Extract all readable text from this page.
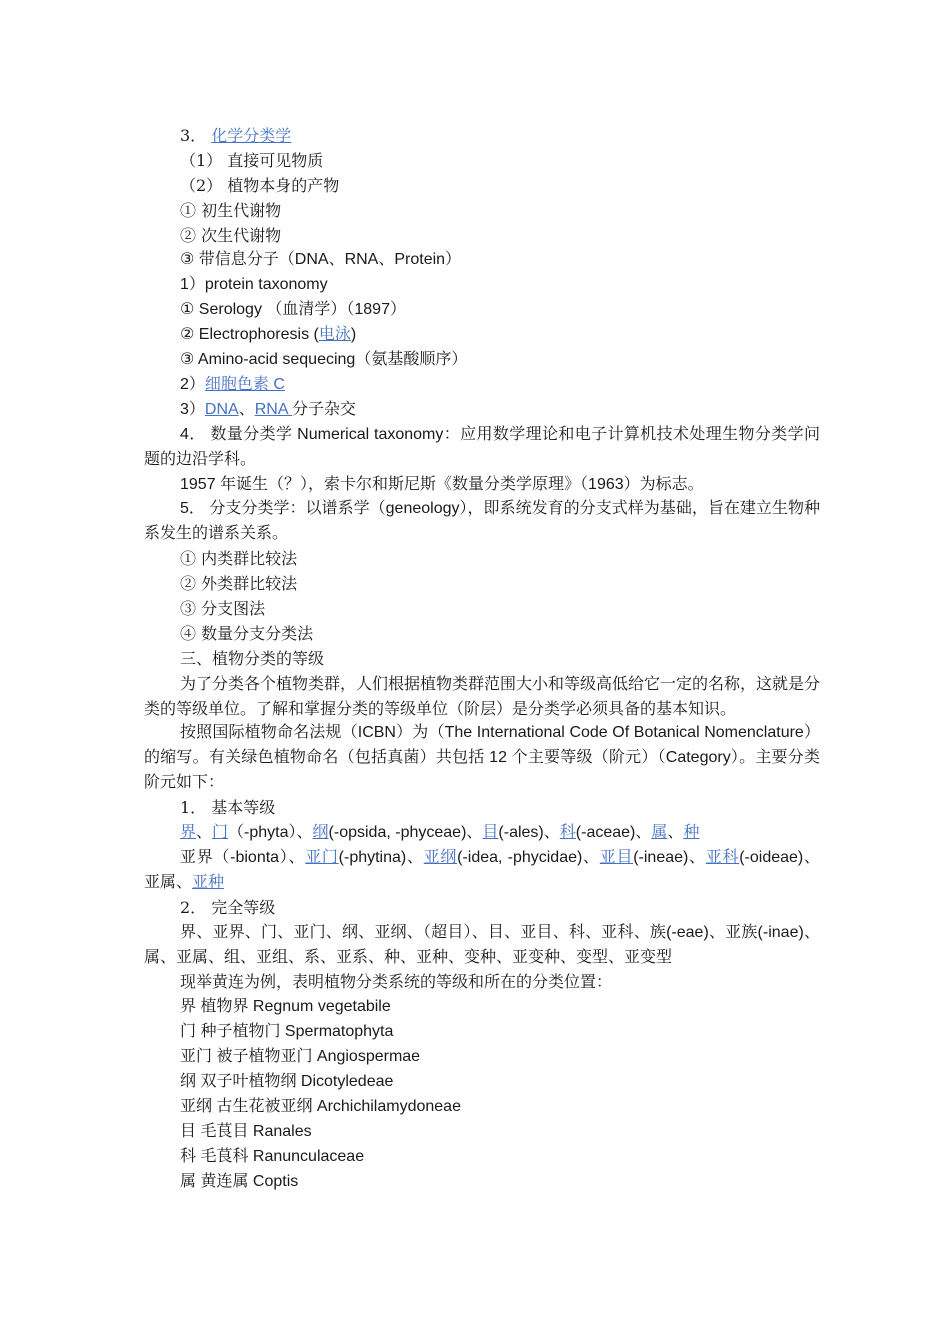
3． 化学分类学
（1） 直接可见物质
（2） 植物本身的产物
① 初生代谢物
② 次生代谢物
③ 带信息分子（DNA、RNA、Protein）
1）protein taxonomy
① Serology （血清学）（1897）
② Electrophoresis (电泳)
③ Amino-acid sequecing（氨基酸顺序）
2）细胞色素 C
3）DNA、RNA 分子杂交
4． 数量分类学 Numerical taxonomy：应用数学理论和电子计算机技术处理生物分类学问题的边沿学科。
1957 年诞生（？），索卡尔和斯尼斯《数量分类学原理》（1963）为标志。
5． 分支分类学：以谱系学（geneology），即系统发育的分支式样为基础，旨在建立生物种系发生的谱系关系。
① 内类群比较法
② 外类群比较法
③ 分支图法
④ 数量分支分类法
三、植物分类的等级
为了分类各个植物类群，人们根据植物类群范围大小和等级高低给它一定的名称，这就是分类的等级单位。了解和掌握分类的等级单位（阶层）是分类学必须具备的基本知识。
按照国际植物命名法规（ICBN）为（The International Code Of Botanical Nomenclature）的缩写。有关绿色植物命名（包括真菌）共包括 12 个主要等级（阶元）（Category）。主要分类阶元如下：
1． 基本等级
界、门（-phyta）、纲(-opsida, -phyceae)、目(-ales)、科(-aceae)、属、种
亚界（-bionta）、亚门(-phytina)、亚纲(-idea, -phycidae)、亚目(-ineae)、亚科(-oideae)、亚属、亚种
2． 完全等级
界、亚界、门、亚门、纲、亚纲、（超目）、目、亚目、科、亚科、族(-eae)、亚族(-inae)、属、亚属、组、亚组、系、亚系、种、亚种、变种、亚变种、变型、亚变型
现举黄连为例，表明植物分类系统的等级和所在的分类位置：
界 植物界 Regnum vegetabile
门 种子植物门 Spermatophyta
亚门 被子植物亚门 Angiospermae
纲 双子叶植物纲 Dicotyledeae
亚纲 古生花被亚纲 Archichilamydoneae
目 毛茛目 Ranales
科 毛茛科 Ranunculaceae
属 黄连属 Coptis
